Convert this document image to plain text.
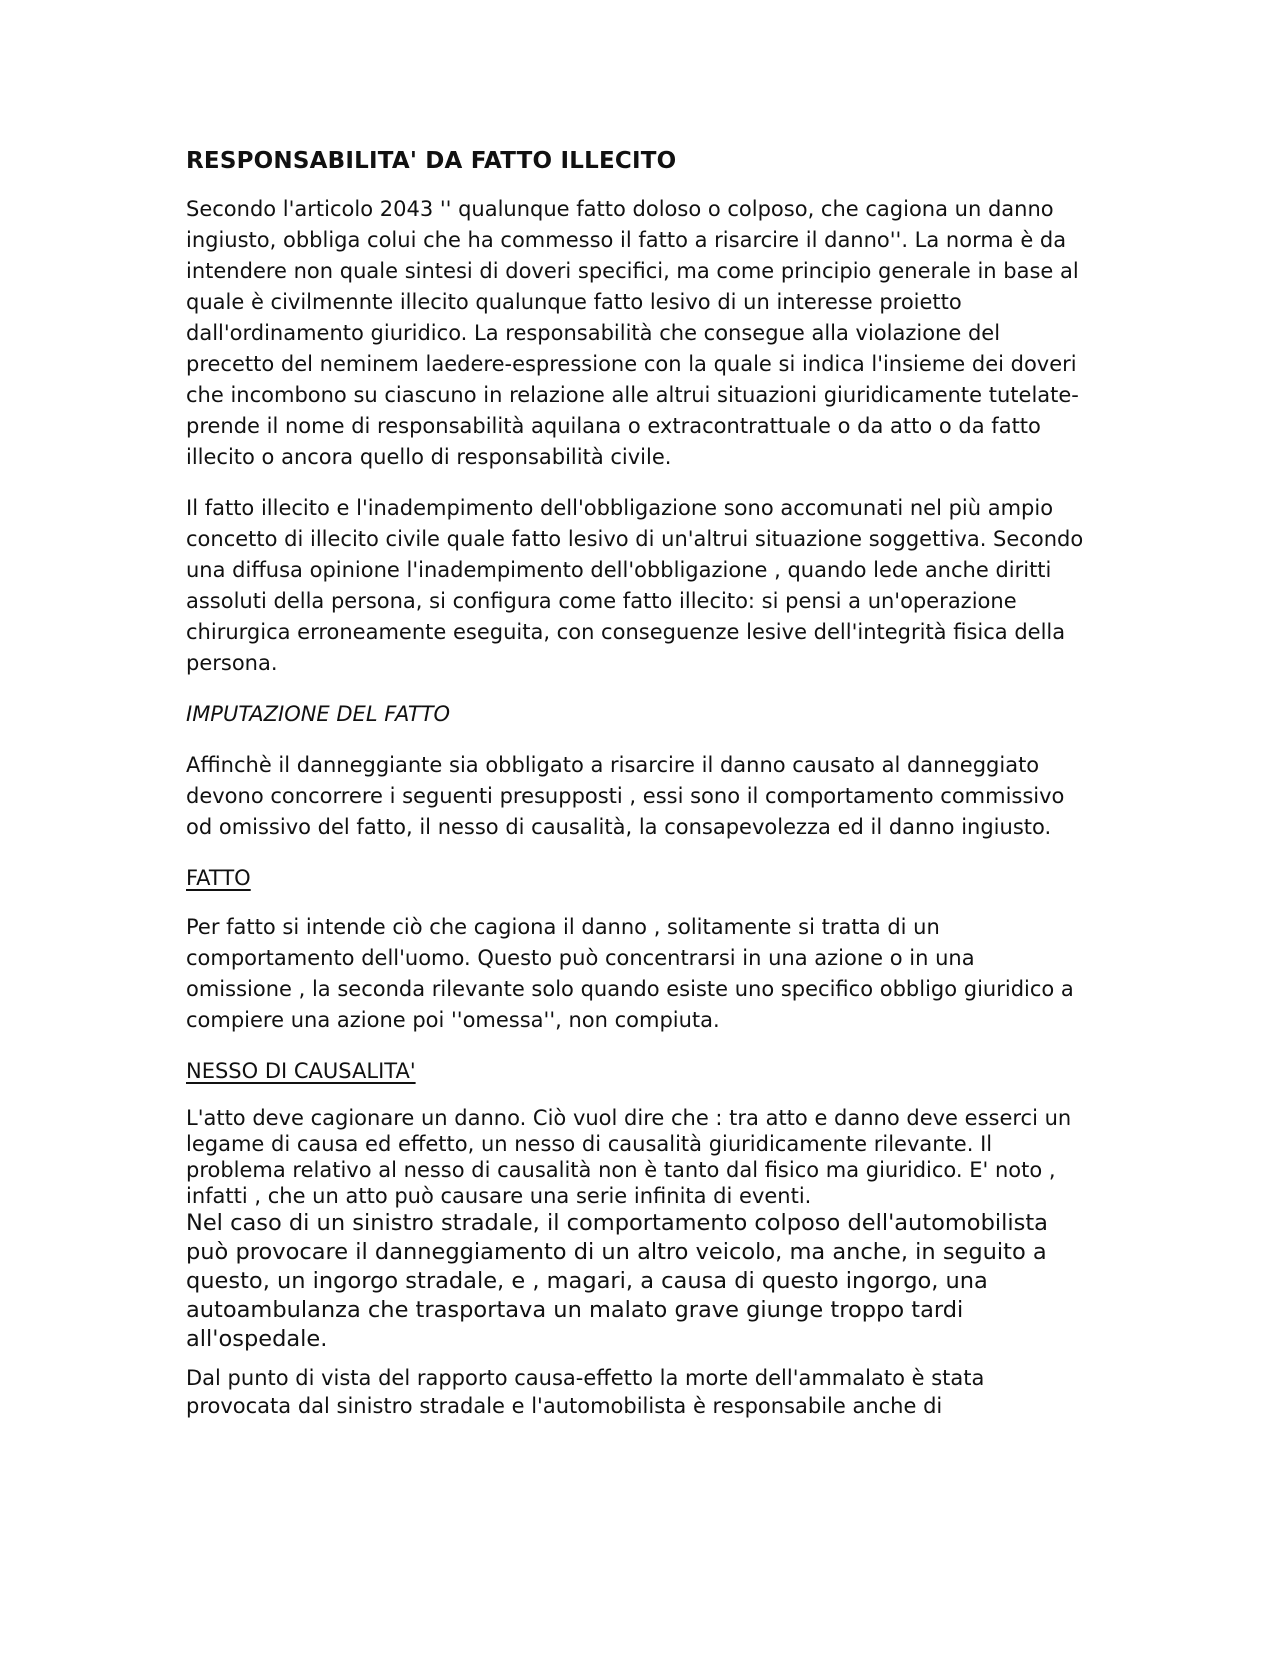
RESPONSABILITA' DA FATTO ILLECITO

Secondo l'articolo 2043 '' qualunque fatto doloso o colposo, che cagiona un danno ingiusto, obbliga colui che ha commesso il fatto a risarcire il danno''. La norma è da intendere non quale sintesi di doveri specifici, ma come principio generale in base al quale è civilmennte illecito qualunque fatto lesivo di un interesse proietto dall'ordinamento giuridico. La responsabilità che consegue alla violazione del precetto del neminem laedere-espressione con la quale si indica l'insieme dei doveri che incombono su ciascuno in relazione alle altrui situazioni giuridicamente tutelate- prende il nome di responsabilità aquilana o extracontrattuale o da atto o da fatto illecito o ancora quello di responsabilità civile.

Il fatto illecito e l'inadempimento dell'obbligazione sono accomunati nel più ampio concetto di illecito civile quale fatto lesivo di un'altrui situazione soggettiva. Secondo una diffusa opinione l'inadempimento dell'obbligazione , quando lede anche diritti assoluti della persona, si configura come fatto illecito: si pensi a un'operazione chirurgica erroneamente eseguita, con conseguenze lesive dell'integrità fisica della persona.

IMPUTAZIONE DEL FATTO

Affinchè il danneggiante sia obbligato a risarcire il danno causato al danneggiato devono concorrere i seguenti presupposti , essi sono il comportamento commissivo od omissivo del fatto, il nesso di causalità, la consapevolezza ed il danno ingiusto.

FATTO

Per fatto si intende ciò che cagiona il danno , solitamente si tratta di un comportamento dell'uomo. Questo può concentrarsi in una azione o in una omissione , la seconda rilevante solo quando esiste uno specifico obbligo giuridico a compiere una azione poi ''omessa'', non compiuta.

NESSO DI CAUSALITA'

L'atto deve cagionare un danno. Ciò vuol dire che : tra atto e danno deve esserci un legame di causa ed effetto, un nesso di causalità giuridicamente rilevante. Il problema relativo al nesso di causalità non è tanto dal fisico ma giuridico. E' noto , infatti , che un atto può causare una serie infinita di eventi.

Nel caso di un sinistro stradale, il comportamento colposo dell'automobilista può provocare il danneggiamento di un altro veicolo, ma anche, in seguito a questo, un ingorgo stradale, e , magari, a causa di questo ingorgo, una autoambulanza che trasportava un malato grave giunge troppo tardi all'ospedale.

Dal punto di vista del rapporto causa-effetto la morte dell'ammalato è stata provocata dal sinistro stradale e l'automobilista è responsabile anche di
